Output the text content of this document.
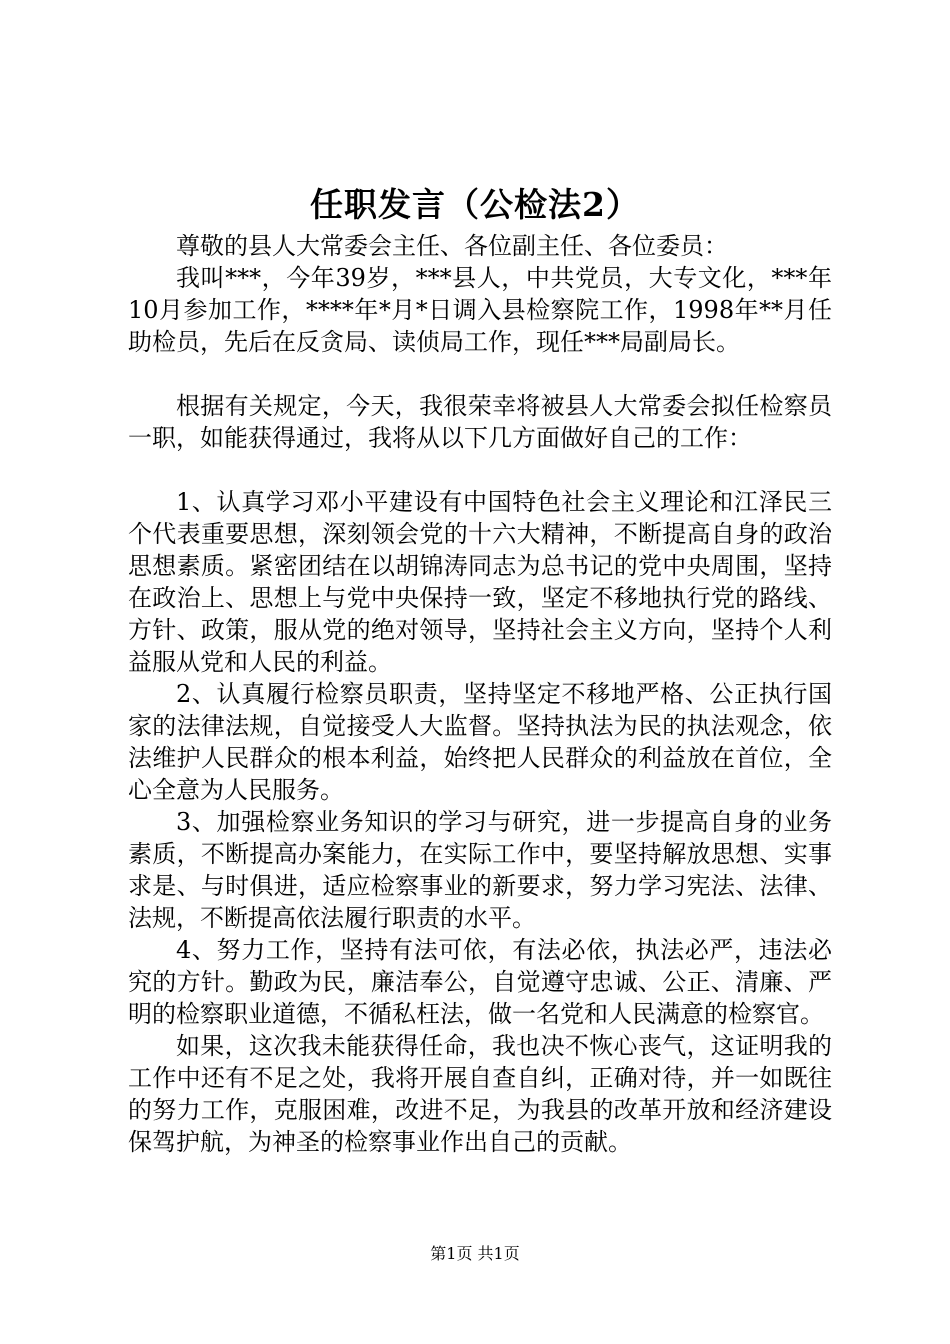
任职发言（公检法2）

尊敬的县人大常委会主任、各位副主任、各位委员：

我叫***，今年39岁，***县人，中共党员，大专文化，***年10月参加工作，****年*月*日调入县检察院工作，1998年**月任助检员，先后在反贪局、读侦局工作，现任***局副局长。

根据有关规定，今天，我很荣幸将被县人大常委会拟任检察员一职，如能获得通过，我将从以下几方面做好自己的工作：

1、认真学习邓小平建设有中国特色社会主义理论和江泽民三个代表重要思想，深刻领会党的十六大精神，不断提高自身的政治思想素质。紧密团结在以胡锦涛同志为总书记的党中央周围，坚持在政治上、思想上与党中央保持一致，坚定不移地执行党的路线、方针、政策，服从党的绝对领导，坚持社会主义方向，坚持个人利益服从党和人民的利益。

2、认真履行检察员职责，坚持坚定不移地严格、公正执行国家的法律法规，自觉接受人大监督。坚持执法为民的执法观念，依法维护人民群众的根本利益，始终把人民群众的利益放在首位，全心全意为人民服务。

3、加强检察业务知识的学习与研究，进一步提高自身的业务素质，不断提高办案能力，在实际工作中，要坚持解放思想、实事求是、与时俱进，适应检察事业的新要求，努力学习宪法、法律、法规，不断提高依法履行职责的水平。

4、努力工作，坚持有法可依，有法必依，执法必严，违法必究的方针。勤政为民，廉洁奉公，自觉遵守忠诚、公正、清廉、严明的检察职业道德，不循私枉法，做一名党和人民满意的检察官。

如果，这次我未能获得任命，我也决不恢心丧气，这证明我的工作中还有不足之处，我将开展自查自纠，正确对待，并一如既往的努力工作，克服困难，改进不足，为我县的改革开放和经济建设保驾护航，为神圣的检察事业作出自己的贡献。

第1页 共1页
